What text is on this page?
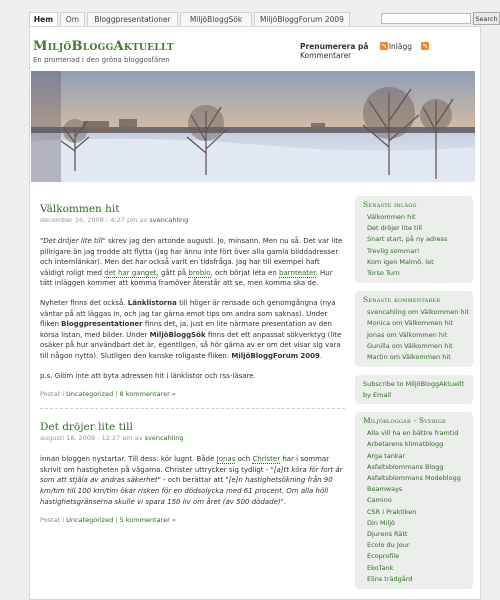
Hem	Om	Bloggpresentationer	MiljöBloggSök	MiljöBloggForum 2009	Search
MiljöBloggAktuellt
En promenad i den gröna bloggosfären
Prenumerera på	Inlägg Kommentarer
Välkommen hit
december 16, 2008 - 4:27 pm av svencahling

"Det dröjer lite till" skrev jag den artonde augusti. Jo, minsann. Men nu så. Det var lite pillrigare än jag trodde att flytta (jag har ännu inte fört över alla gamla bilddadresser och internlänkar). Men det har också varit en tidsfråga. Jag har till exempel haft väldigt roligt med det har ganget, gått på brobio, och börjat leta en barnteater. Hur tätt inläggen kommer att komma framöver återstår att se, men komma ska de.

Nyheter finns det också. Länklistorna till höger är rensade och genomgångna (nya väntar på att läggas in, och jag tar gärna emot tips om andra som saknas). Under fliken Bloggpresentationer finns det, ja, just en lite närmare presentation av den korsa listan, med bilder. Under MiljöBloggSök finns det ett anpassat sökverktyg (lite osäker på hur användbart det är, egentligen, så hör gärna av er om det visar sig vara till någon nytta). Slutligen den kanske roligaste fliken: MiljöBloggForum 2009.

p.s. Glöm inte att byta adressen hit i länklistor och rss-läsare.

Postat i Uncategorized | 8 kommentarer »
Det dröjer lite till
augusti 18, 2008 - 12:27 am av svencahling

innan bloggen nystartar. Till dess: kör lugnt. Både Jonas och Christer har i sommar skrivit om hastigheten på vägarna. Christer uttrycker sig tydligt - "[a]tt köra för fort är som att stjäla av andras säkerhet" - och berättar att "[e]n hastighetsökning från 90 km/tim till 100 km/tim ökar risken för en dödsolycka med 61 procent. Om alla höll hastighetsgränserna skulle vi spara 150 liv om året (av 500 dödade)".

Postat i Uncategorized | 5 kommentarer »
Senaste inlägg
Välkommen hit
Det dröjer lite till
Snart start, på ny adress
Trevlig sommar!
Kom igen Malmö, let
Torso Turn
Senaste kommentarer
svencahling om Välkommen hit
Monica om Välkommen hit
Jonas om Välkommen hit
Gunilla om Välkommen hit
Martin om Välkommen hit
Subscribe to MiljöBloggAktuellt by Email
Miljöbloggar - Sverige
Alla vill ha en bättre framtid
Arbetarens klimatblogg
Arga tankar
Asfaltsblommans Blogg
Asfaltsblommans Modeblogg
Beamways
Camino
CSR i Praktiken
Din Miljö
Djurens Rätt
Ecolo du Jour
Ecoprofile
EkoTank
Elins trädgård
